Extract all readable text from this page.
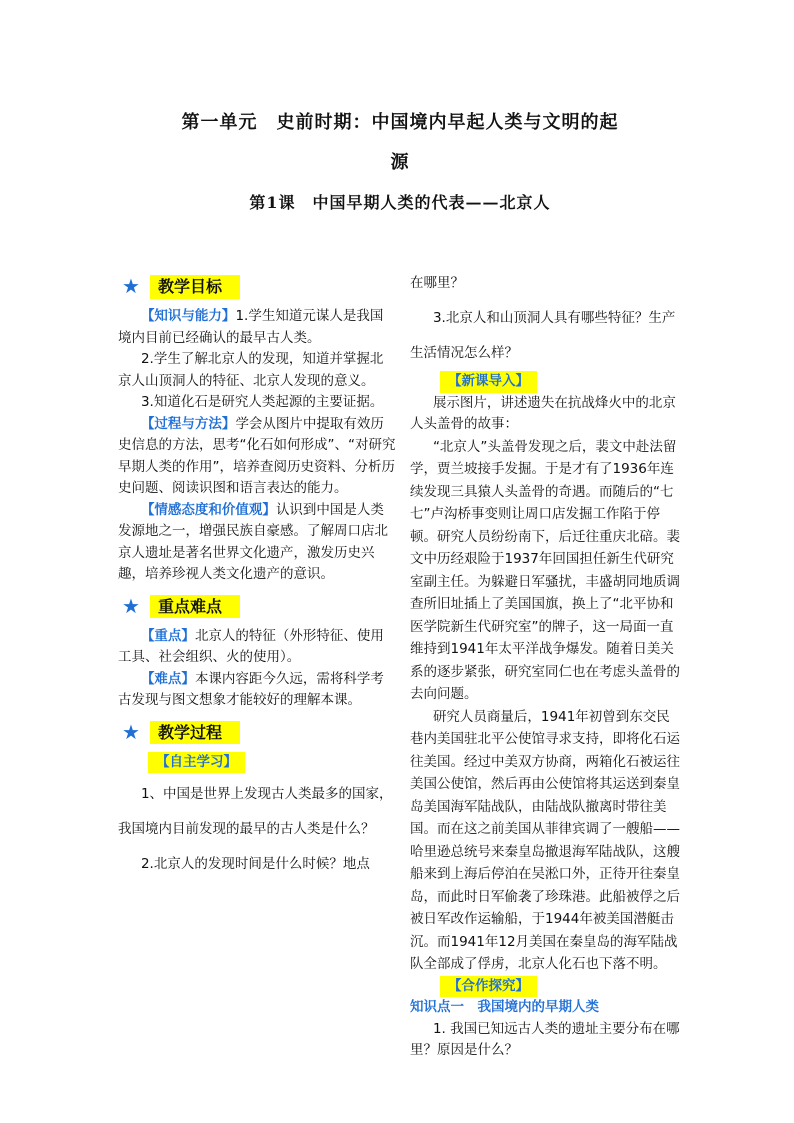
第一单元　史前时期：中国境内早起人类与文明的起
源
第1课　中国早期人类的代表——北京人
★	教学目标

【知识与能力】1.学生知道元谋人是我国境内目前已经确认的最早古人类。

2.学生了解北京人的发现，知道并掌握北京人山顶洞人的特征、北京人发现的意义。

3.知道化石是研究人类起源的主要证据。

【过程与方法】学会从图片中提取有效历史信息的方法，思考“化石如何形成”、“对研究早期人类的作用”，培养查阅历史资料、分析历史问题、阅读识图和语言表达的能力。

【情感态度和价值观】认识到中国是人类发源地之一，增强民族自豪感。了解周口店北京人遗址是著名世界文化遗产，激发历史兴趣，培养珍视人类文化遗产的意识。

★	重点难点

【重点】北京人的特征（外形特征、使用工具、社会组织、火的使用）。

【难点】本课内容距今久远，需将科学考古发现与图文想象才能较好的理解本课。

★	教学过程
【自主学习】

1、中国是世界上发现古人类最多的国家，我国境内目前发现的最早的古人类是什么？

2.北京人的发现时间是什么时候？地点

在哪里？

3.北京人和山顶洞人具有哪些特征？生产生活情况怎么样？

【新课导入】

展示图片，讲述遗失在抗战烽火中的北京人头盖骨的故事：

“北京人”头盖骨发现之后，裴文中赴法留学，贾兰坡接手发掘。于是才有了1936年连续发现三具猿人头盖骨的奇遇。而随后的“七七”卢沟桥事变则让周口店发掘工作陷于停顿。研究人员纷纷南下，后迁往重庆北碚。裴文中历经艰险于1937年回国担任新生代研究室副主任。为躲避日军骚扰，丰盛胡同地质调查所旧址插上了美国国旗，换上了“北平协和医学院新生代研究室”的牌子，这一局面一直维持到1941年太平洋战争爆发。随着日美关系的逐步紧张，研究室同仁也在考虑头盖骨的去向问题。

研究人员商量后，1941年初曾到东交民巷内美国驻北平公使馆寻求支持，即将化石运往美国。经过中美双方协商，两箱化石被运往美国公使馆，然后再由公使馆将其运送到秦皇岛美国海军陆战队，由陆战队撤离时带往美国。而在这之前美国从菲律宾调了一艘船——哈里逊总统号来秦皇岛撤退海军陆战队，这艘船来到上海后停泊在吴淞口外，正待开往秦皇岛，而此时日军偷袭了珍珠港。此船被俘之后被日军改作运输船，于1944年被美国潜艇击沉。而1941年12月美国在秦皇岛的海军陆战队全部成了俘虏，北京人化石也下落不明。

【合作探究】

知识点一　我国境内的早期人类

1. 我国已知远古人类的遗址主要分布在哪里？原因是什么？
